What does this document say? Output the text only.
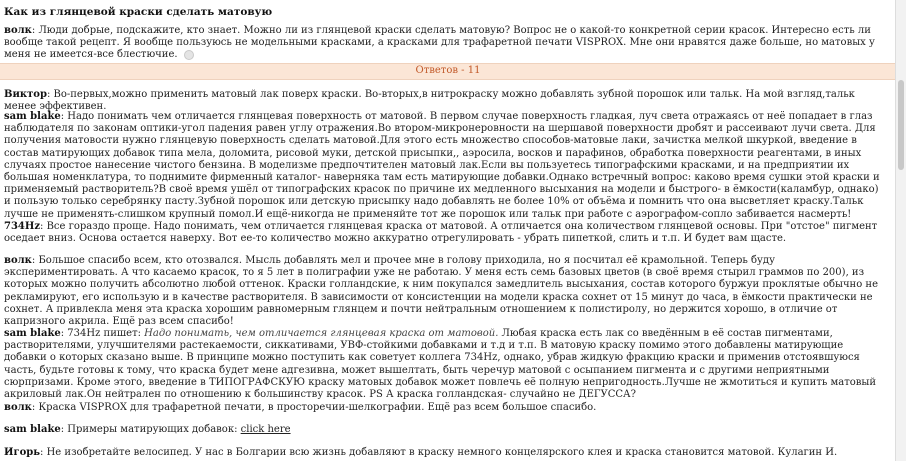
Как из глянцевой краски сделать матовую

волк: Люди добрые, подскажите, кто знает. Можно ли из глянцевой краски сделать матовую? Вопрос не о какой-то конкретной серии красок. Интересно есть ли вообще такой рецепт. Я вообще пользуюсь не модельными красками, а красками для трафаретной печати VISPROX. Мне они нравятся даже больше, но матовых у меня не имеется-все блестючие.

Ответов - 11

Виктор: Во-первых,можно применить матовый лак поверх краски. Во-вторых,в нитрокраску можно добавлять зубной порошок или тальк. На мой взгляд,тальк менее эффективен.

sam blake: Надо понимать чем отличается глянцевая поверхность от матовой. В первом случае поверхность гладкая, луч света отражаясь от неё попадает в глаз наблюдателя по законам оптики-угол падения равен углу отражения.Во втором-микронеровности на шершавой поверхности дробят и рассеивают лучи света. Для получения матовости нужно глянцевую поверхность сделать матовой.Для этого есть множество способов-матовые лаки, зачистка мелкой шкуркой, введение в состав матирующих добавок типа мела, доломита, рисовой муки, детской присыпки,, аэросила, восков и парафинов, обработка поверхности реагентами, в иных случаях простое нанесение чистого бензина. В моделизме предпочтителен матовый лак.Если вы пользуетесь типографскими красками, и на предприятии их большая номенклатура, то поднимите фирменный каталог- наверняка там есть матирующие добавки.Однако встречный вопрос: каково время сушки этой краски и применяемый растворитель?В своё время ушёл от типографских красок по причине их медленного высыхания на модели и быстрого- в ёмкости(каламбур, однако) и пользую только серебрянку пасту.Зубной порошок или детскую присыпку надо добавлять не более 10% от объёма и помнить что она высветляет краску.Тальк лучше не применять-слишком крупный помол.И ещё-никогда не применяйте тот же порошок или тальк при работе с аэрографом-сопло забивается насмерть!

734Hz: Все гораздо проще. Надо понимать, чем отличается глянцевая краска от матовой. А отличается она количеством глянцевой основы. При "отстое" пигмент оседает вниз. Основа остается наверху. Вот ее-то количество можно аккуратно отрегулировать - убрать пипеткой, слить и т.п. И будет вам щасте.

волк: Большое спасибо всем, кто отозвался. Мысль добавлять мел и прочее мне в голову приходила, но я посчитал её крамольной. Теперь буду экспериментировать. А что касаемо красок, то я 5 лет в полиграфии уже не работаю. У меня есть семь базовых цветов (в своё время стырил граммов по 200), из которых можно получить абсолютно любой оттенок. Краски голландские, к ним покупался замедлитель высыхания, состав которого буржуи проклятые обычно не рекламируют, его использую и в качестве растворителя. В зависимости от консистенции на модели краска сохнет от 15 минут до часа, в ёмкости практически не сохнет. А привлекла меня эта краска хорошим равномерным глянцем и почти нейтральным отношением к полистиролу, но держится хорошо, в отличие от капризного акрила. Ещё раз всем спасибо!

sam blake: 734Hz пишет: Надо понимать, чем отличается глянцевая краска от матовой. Любая краска есть лак со введённым в её состав пигментами, растворителями, улучшителями растекаемости, сиккативами, УВФ-стойкими добавками и т.д и т.п. В матовую краску помимо этого добавлены матирующие добавки о которых сказано выше. В принципе можно поступить как советует коллега 734Hz, однако, убрав жидкую фракцию краски и применив отстоявшуюся часть, будьте готовы к тому, что краска будет мене адгезивна, может вышелтать, быть черечур матовой с осыпанием пигмента и с другими неприятными сюрпризами. Кроме этого, введение в ТИПОГРАФСКУЮ краску матовых добавок может повлечь её полную непригодность.Лучше не жмотиться и купить матовый акриловый лак.Он нейтрален по отношению к большинству красок. PS А краска голландская- случайно не ДЕГУССА?

волк: Краска VISPROX для трафаретной печати, в просторечии-шелкографии. Ещё раз всем большое спасибо.

sam blake: Примеры матирующих добавок: click here

Игорь: Не изобретайте велосипед. У нас в Болгарии всю жизнь добавляют в краску немного концелярского клея и краска становится матовой. Кулагин И.
